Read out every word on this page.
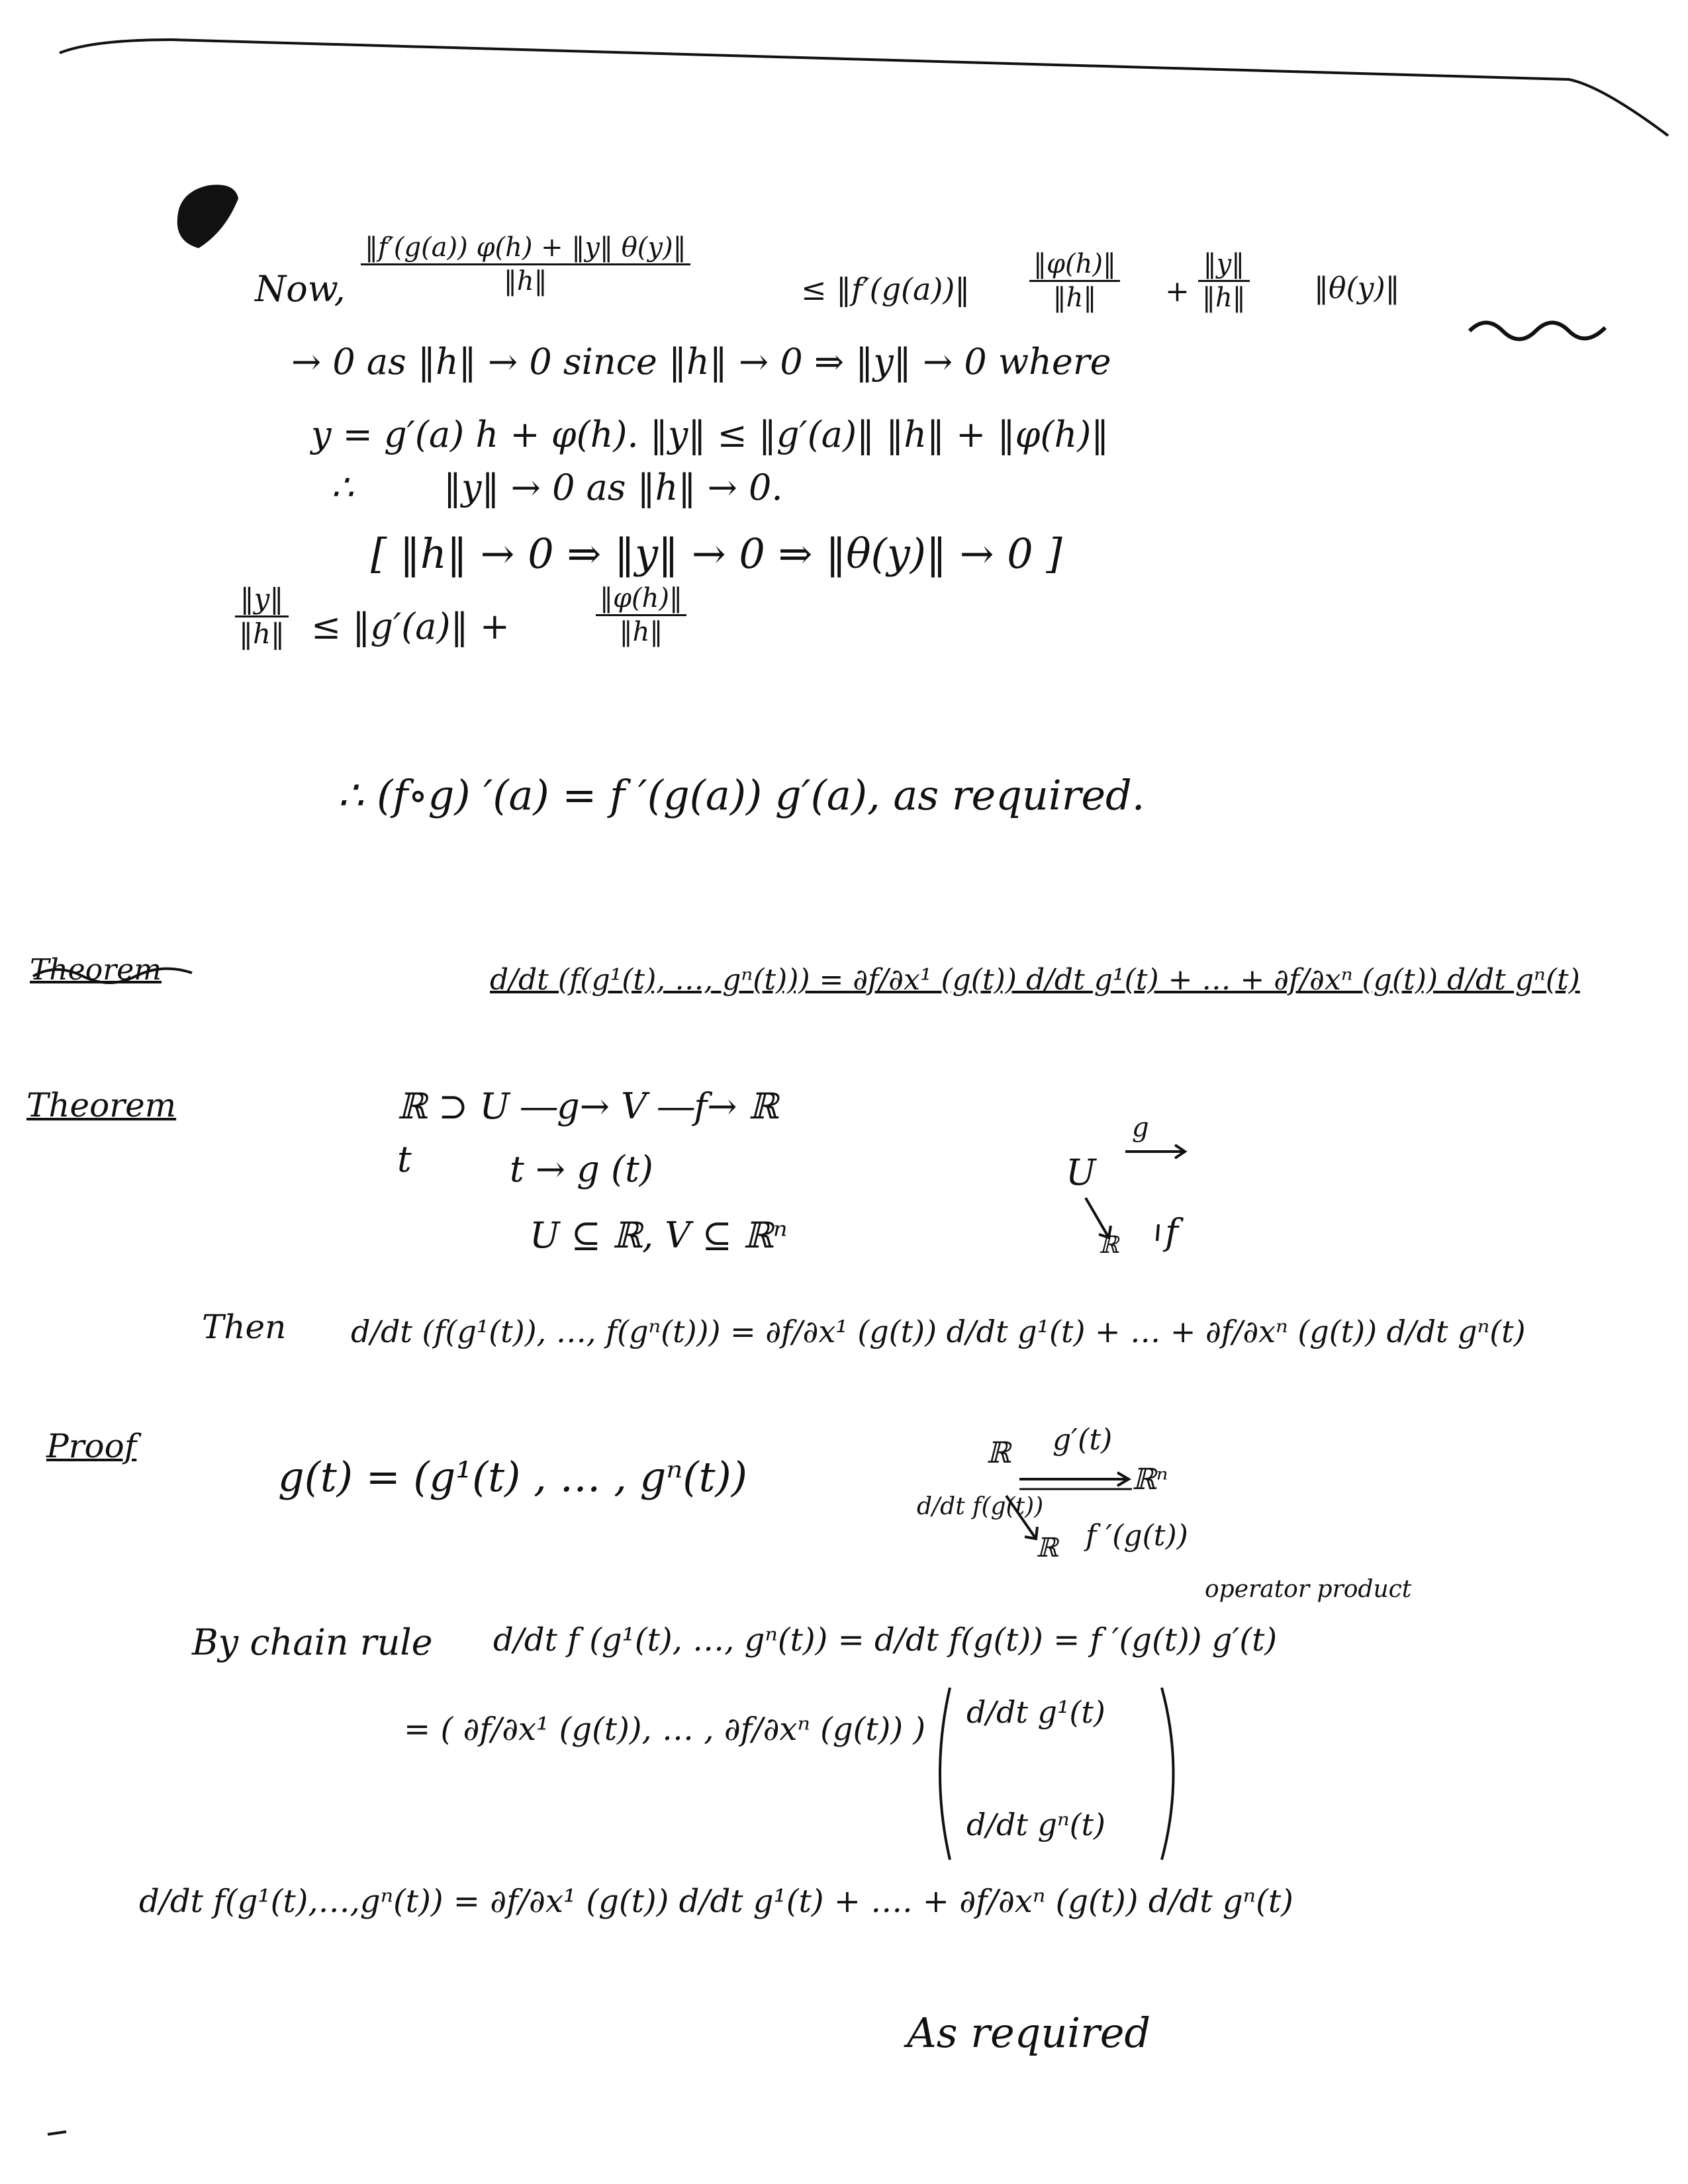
Now, $\frac{‖f'(g(a)) \varphi(h) + ‖y‖ \theta(y)‖}{‖h‖}$	≤ ‖f′(g(a))‖ $\frac{‖\varphi(h)‖}{‖h‖} + \frac{‖y‖}{‖h‖}$ ‖θ(y)‖
→ 0 as ‖h‖ → 0 since ‖h‖ → 0 ⇒ ‖y‖ → 0 where
y = g′(a) h + φ(h). ‖y‖ ≤ ‖g′(a)‖ ‖h‖ + ‖φ(h)‖
∴	‖y‖ → 0 as ‖h‖ → 0.
[ ‖h‖ → 0 ⇒ ‖y‖ → 0 ⇒ ‖θ(y)‖ → 0 ]
$\frac{‖y‖}{‖h‖}$ ≤ ‖g′(a)‖ +	$\frac{‖\varphi(h)‖}{‖h‖}$
∴ (f∘g) ′(a) = f ′(g(a)) g′(a), as required.
Theorem	d/dt (f(g¹(t), …, gⁿ(t))) = ∂f/∂x¹ (g(t)) d/dt g¹(t) + … + ∂f/∂xⁿ (g(t)) d/dt gⁿ(t)
Theorem	ℝ ⊃ U ―g→ V ―f→ ℝ
t	t → g (t)
U ⊆ ℝ, V ⊆ ℝⁿ
U
g
ℝ f
Then d/dt (f(g¹(t)), …, f(gⁿ(t))) = ∂f/∂x¹ (g(t)) d/dt g¹(t) + … + ∂f/∂xⁿ (g(t)) d/dt gⁿ(t)
Proof
g(t) = (g¹(t) , … , gⁿ(t))	ℝ g′(t)
ℝⁿ
d/dt f(g(t))
ℝ f ′(g(t))
By chain rule d/dt f (g¹(t), …, gⁿ(t)) = d/dt f(g(t)) = f ′(g(t)) g′(t)
operator product
= ( ∂f/∂x¹ (g(t)), … , ∂f/∂xⁿ (g(t)) ) d/dt g¹(t)
d/dt gⁿ(t)
d/dt f(g¹(t),…,gⁿ(t)) = ∂f/∂x¹ (g(t)) d/dt g¹(t) + …. + ∂f/∂xⁿ (g(t)) d/dt gⁿ(t)
As required
